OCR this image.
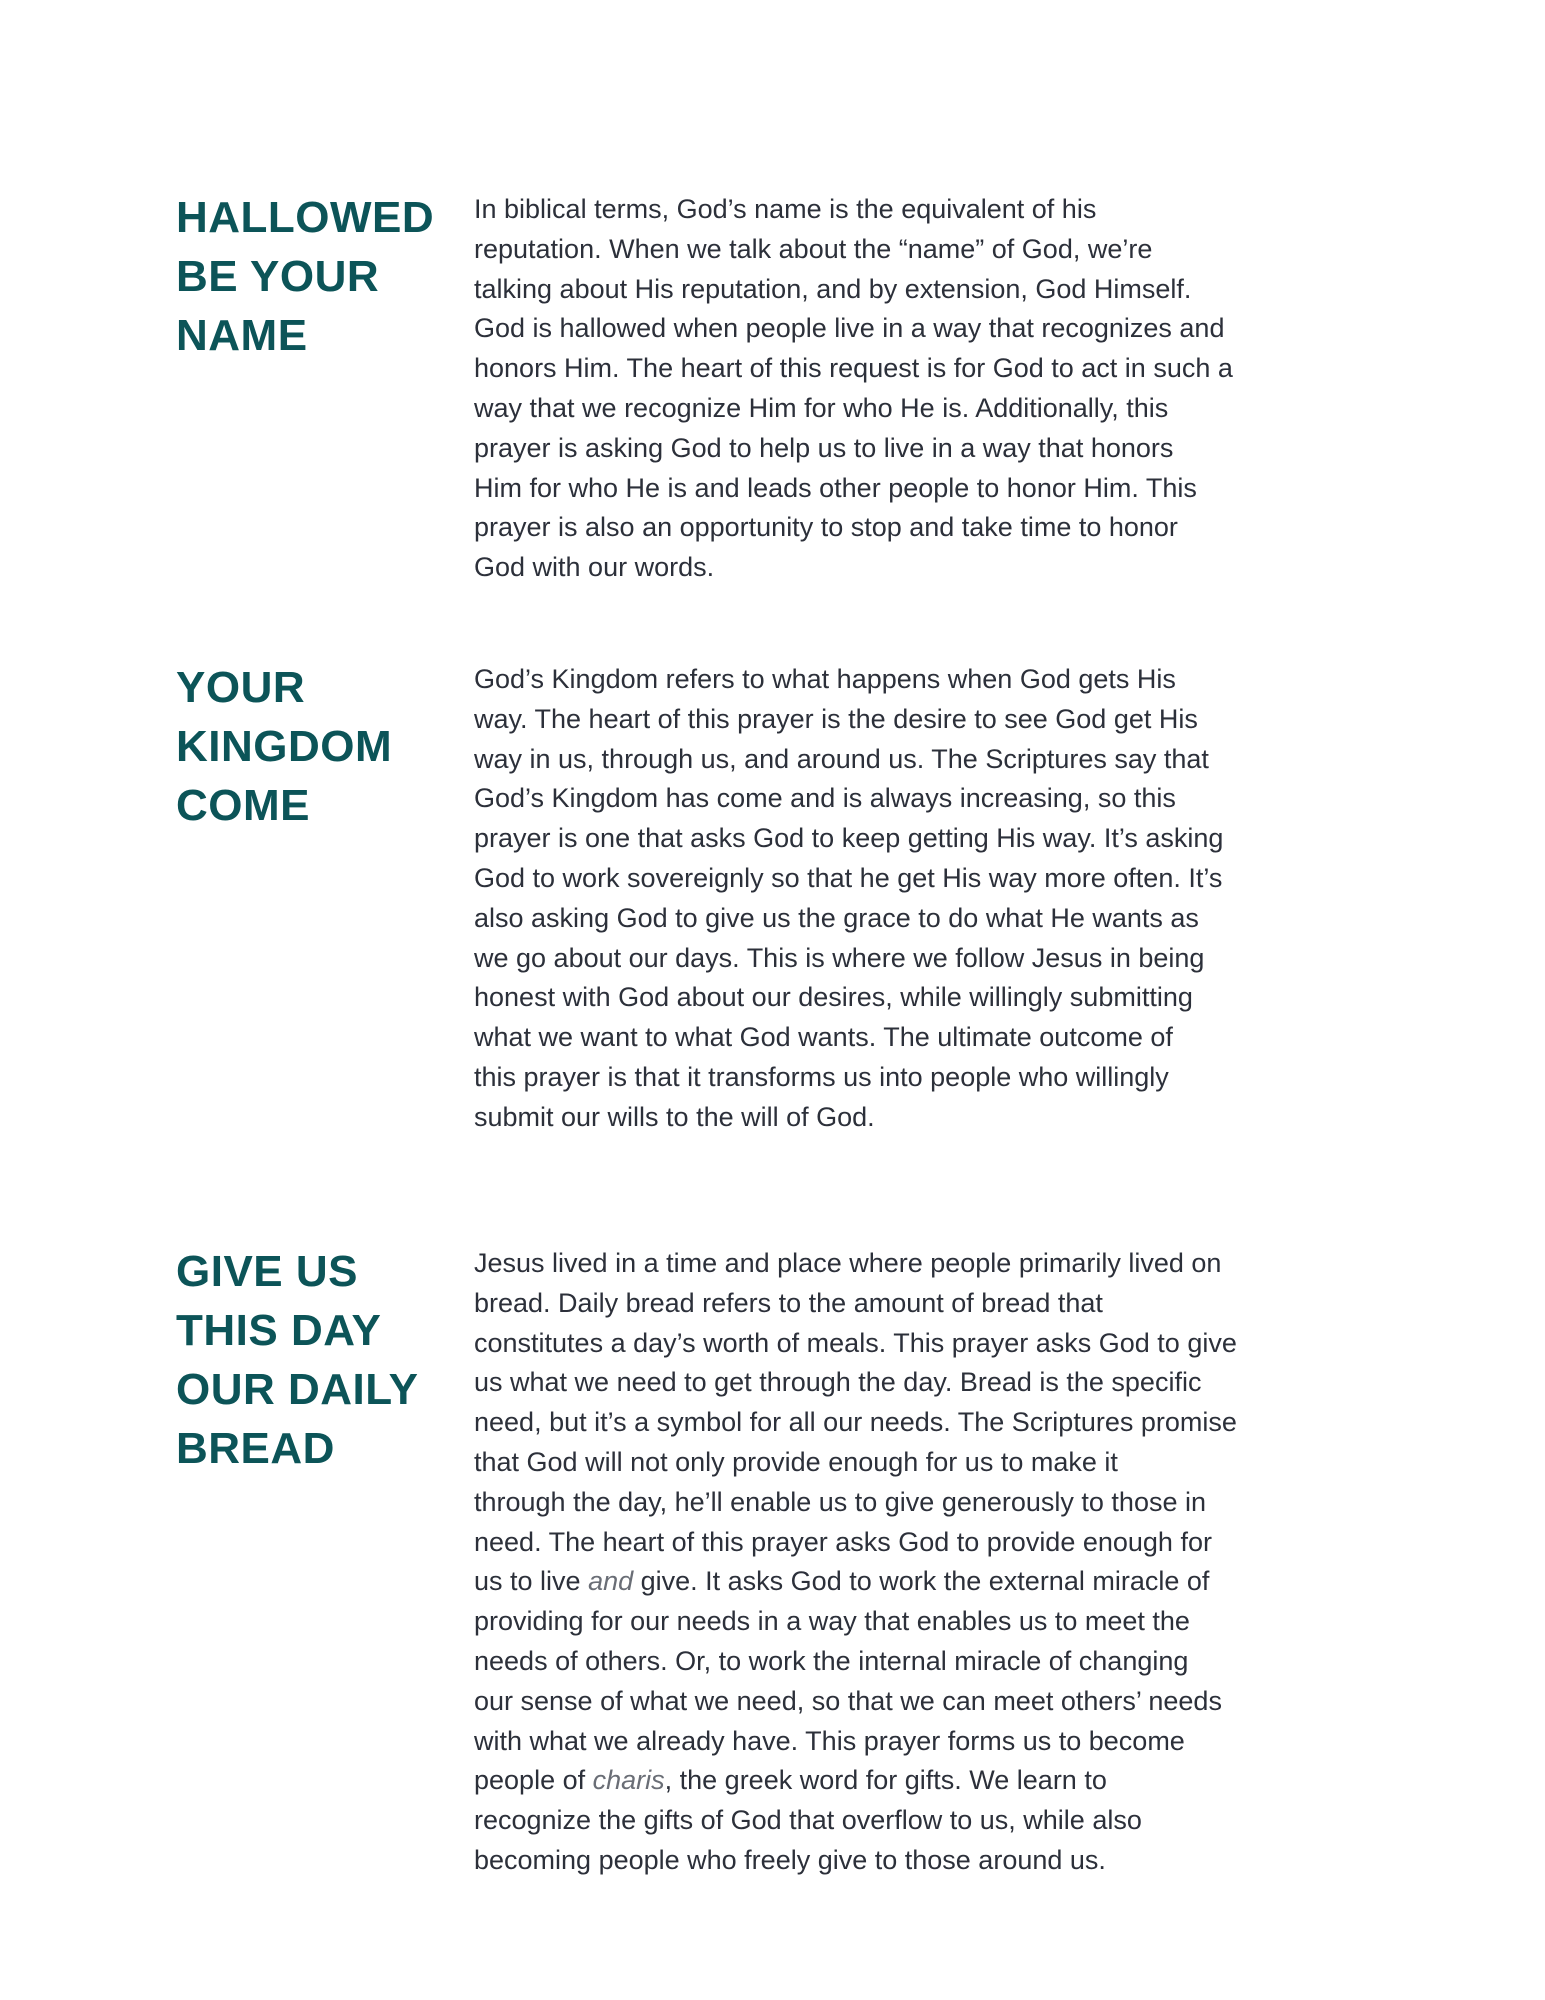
HALLOWED
BE YOUR
NAME
In biblical terms, God’s name is the equivalent of his
reputation. When we talk about the “name” of God, we’re
talking about His reputation, and by extension, God Himself.
God is hallowed when people live in a way that recognizes and
honors Him. The heart of this request is for God to act in such a
way that we recognize Him for who He is. Additionally, this
prayer is asking God to help us to live in a way that honors
Him for who He is and leads other people to honor Him. This
prayer is also an opportunity to stop and take time to honor
God with our words.
YOUR
KINGDOM
COME
God’s Kingdom refers to what happens when God gets His
way. The heart of this prayer is the desire to see God get His
way in us, through us, and around us. The Scriptures say that
God’s Kingdom has come and is always increasing, so this
prayer is one that asks God to keep getting His way. It’s asking
God to work sovereignly so that he get His way more often. It’s
also asking God to give us the grace to do what He wants as
we go about our days. This is where we follow Jesus in being
honest with God about our desires, while willingly submitting
what we want to what God wants. The ultimate outcome of
this prayer is that it transforms us into people who willingly
submit our wills to the will of God.
GIVE US
THIS DAY
OUR DAILY
BREAD
Jesus lived in a time and place where people primarily lived on
bread. Daily bread refers to the amount of bread that
constitutes a day’s worth of meals. This prayer asks God to give
us what we need to get through the day. Bread is the specific
need, but it’s a symbol for all our needs. The Scriptures promise
that God will not only provide enough for us to make it
through the day, he’ll enable us to give generously to those in
need. The heart of this prayer asks God to provide enough for
us to live and give. It asks God to work the external miracle of
providing for our needs in a way that enables us to meet the
needs of others. Or, to work the internal miracle of changing
our sense of what we need, so that we can meet others’ needs
with what we already have. This prayer forms us to become
people of charis, the greek word for gifts. We learn to
recognize the gifts of God that overflow to us, while also
becoming people who freely give to those around us.
